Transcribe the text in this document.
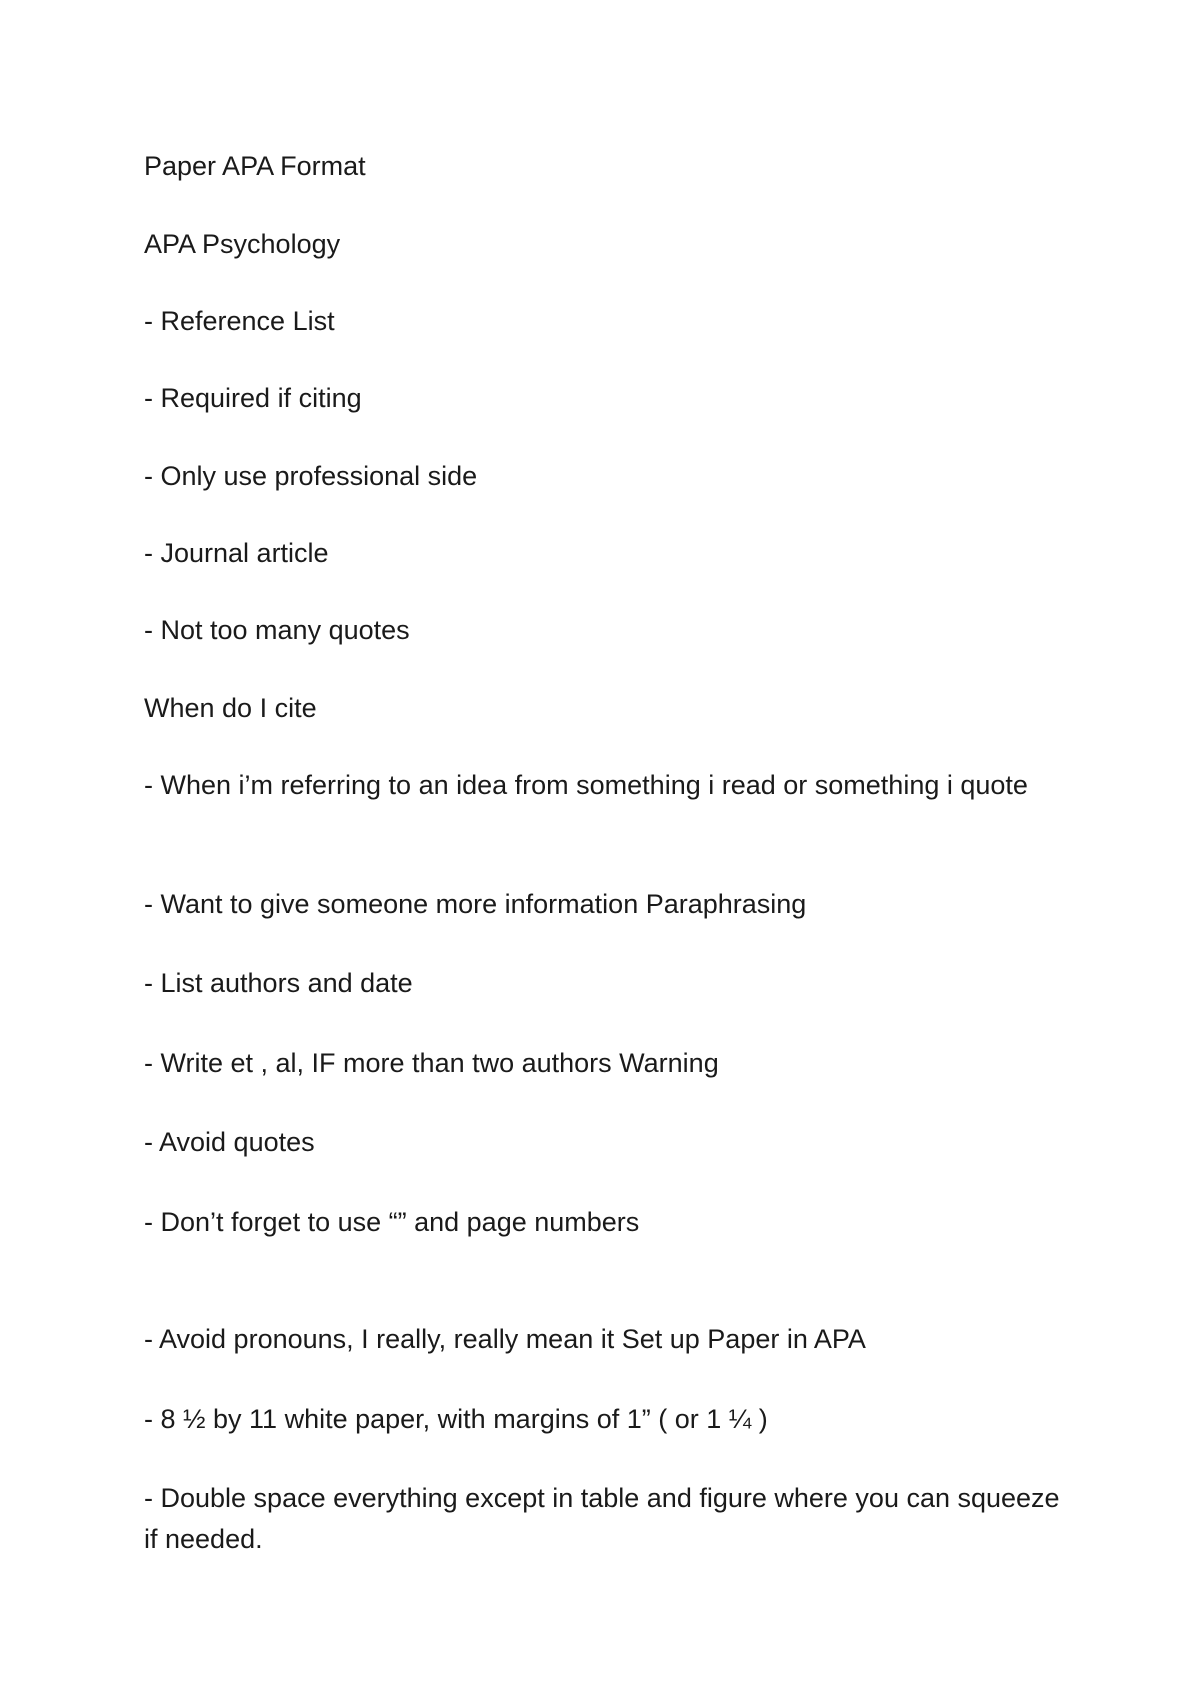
Paper APA Format

APA Psychology

- Reference List

- Required if citing

- Only use professional side

- Journal article

- Not too many quotes

When do I cite

- When i’m referring to an idea from something i read or something i quote

- Want to give someone more information Paraphrasing

- List authors and date

- Write et , al, IF more than two authors Warning

- Avoid quotes

- Don’t forget to use “” and page numbers

- Avoid pronouns, I really, really mean it Set up Paper in APA

- 8 ½ by 11 white paper, with margins of 1” ( or 1 ¼ )

- Double space everything except in table and figure where you can squeeze if needed.
